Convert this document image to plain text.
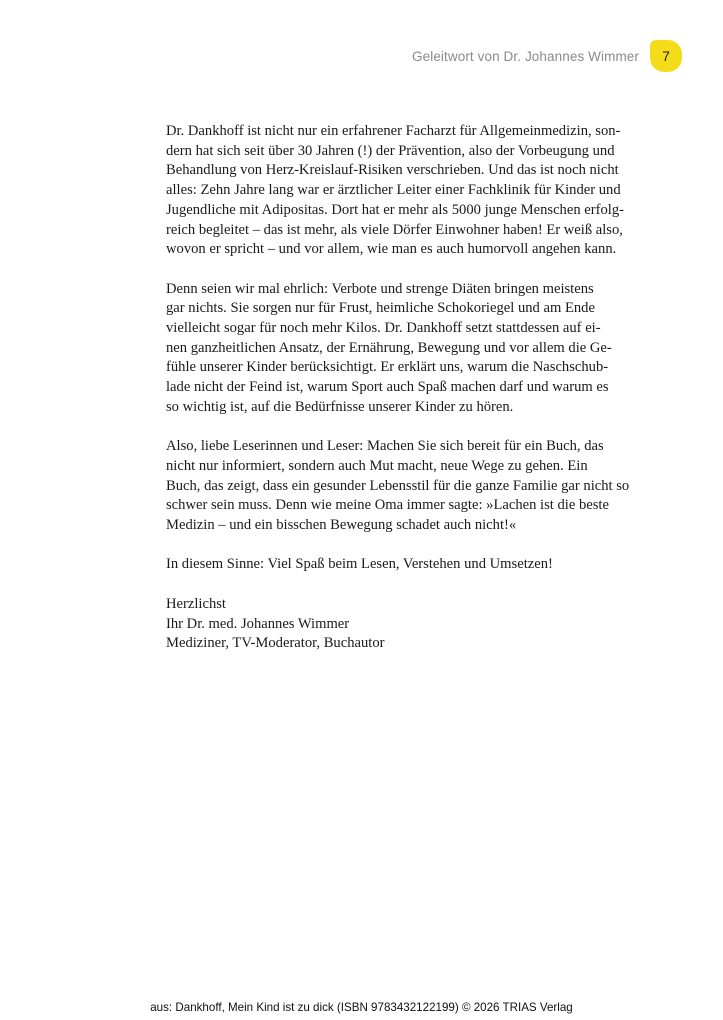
Geleitwort von Dr. Johannes Wimmer	7

Dr. Dankhoff ist nicht nur ein erfahrener Facharzt für Allgemeinmedizin, son-
dern hat sich seit über 30 Jahren (!) der Prävention, also der Vorbeugung und
Behandlung von Herz-Kreislauf-Risiken verschrieben. Und das ist noch nicht
alles: Zehn Jahre lang war er ärztlicher Leiter einer Fachklinik für Kinder und
Jugendliche mit Adipositas. Dort hat er mehr als 5000 junge Menschen erfolg-
reich begleitet – das ist mehr, als viele Dörfer Einwohner haben! Er weiß also,
wovon er spricht – und vor allem, wie man es auch humorvoll angehen kann.

Denn seien wir mal ehrlich: Verbote und strenge Diäten bringen meistens
gar nichts. Sie sorgen nur für Frust, heimliche Schokoriegel und am Ende
vielleicht sogar für noch mehr Kilos. Dr. Dankhoff setzt stattdessen auf ei-
nen ganzheitlichen Ansatz, der Ernährung, Bewegung und vor allem die Ge-
fühle unserer Kinder berücksichtigt. Er erklärt uns, warum die Naschschub-
lade nicht der Feind ist, warum Sport auch Spaß machen darf und warum es
so wichtig ist, auf die Bedürfnisse unserer Kinder zu hören.

Also, liebe Leserinnen und Leser: Machen Sie sich bereit für ein Buch, das
nicht nur informiert, sondern auch Mut macht, neue Wege zu gehen. Ein
Buch, das zeigt, dass ein gesunder Lebensstil für die ganze Familie gar nicht so
schwer sein muss. Denn wie meine Oma immer sagte: »Lachen ist die beste
Medizin – und ein bisschen Bewegung schadet auch nicht!«

In diesem Sinne: Viel Spaß beim Lesen, Verstehen und Umsetzen!

Herzlichst
Ihr Dr. med. Johannes Wimmer
Mediziner, TV-Moderator, Buchautor

aus: Dankhoff, Mein Kind ist zu dick (ISBN 9783432122199) © 2026 TRIAS Verlag
